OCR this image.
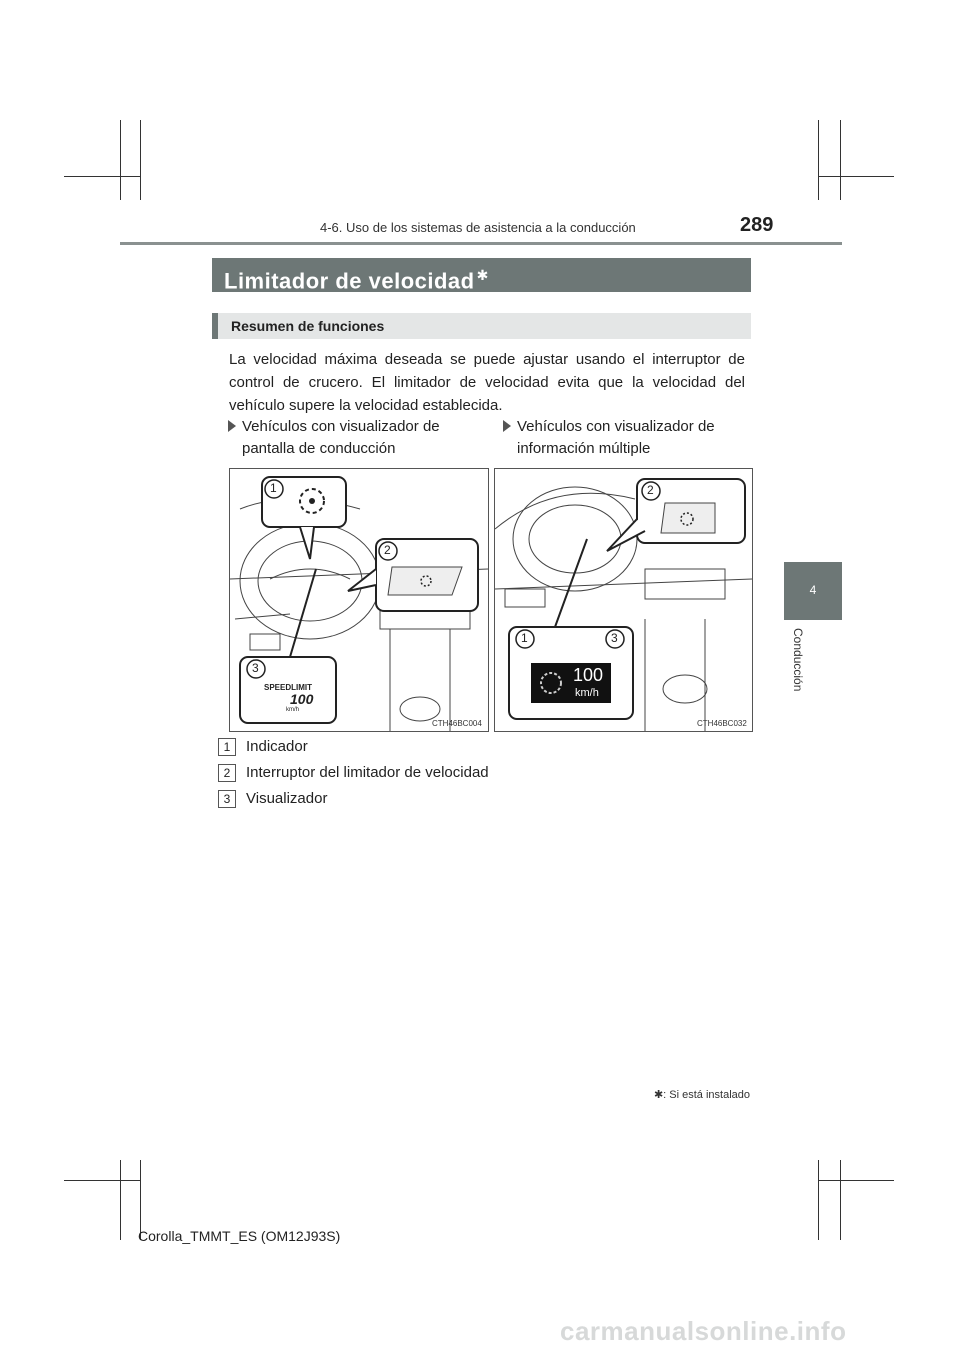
4-6. Uso de los sistemas de asistencia a la conducción	289
4
Conducción
Limitador de velocidad ✱
Resumen de funciones
La velocidad máxima deseada se puede ajustar usando el interruptor de control de crucero. El limitador de velocidad evita que la velocidad del vehículo supere la velocidad establecida.
Vehículos con visualizador de pantalla de conducción
Vehículos con visualizador de información múltiple
1
2
3
SPEEDLIMIT
100
km/h
CTH46BC004
1
2
3
100
km/h
CTH46BC032
1 Indicador
2 Interruptor del limitador de velocidad
3 Visualizador
✱: Si está instalado
Corolla_TMMT_ES (OM12J93S)
carmanualsonline.info
